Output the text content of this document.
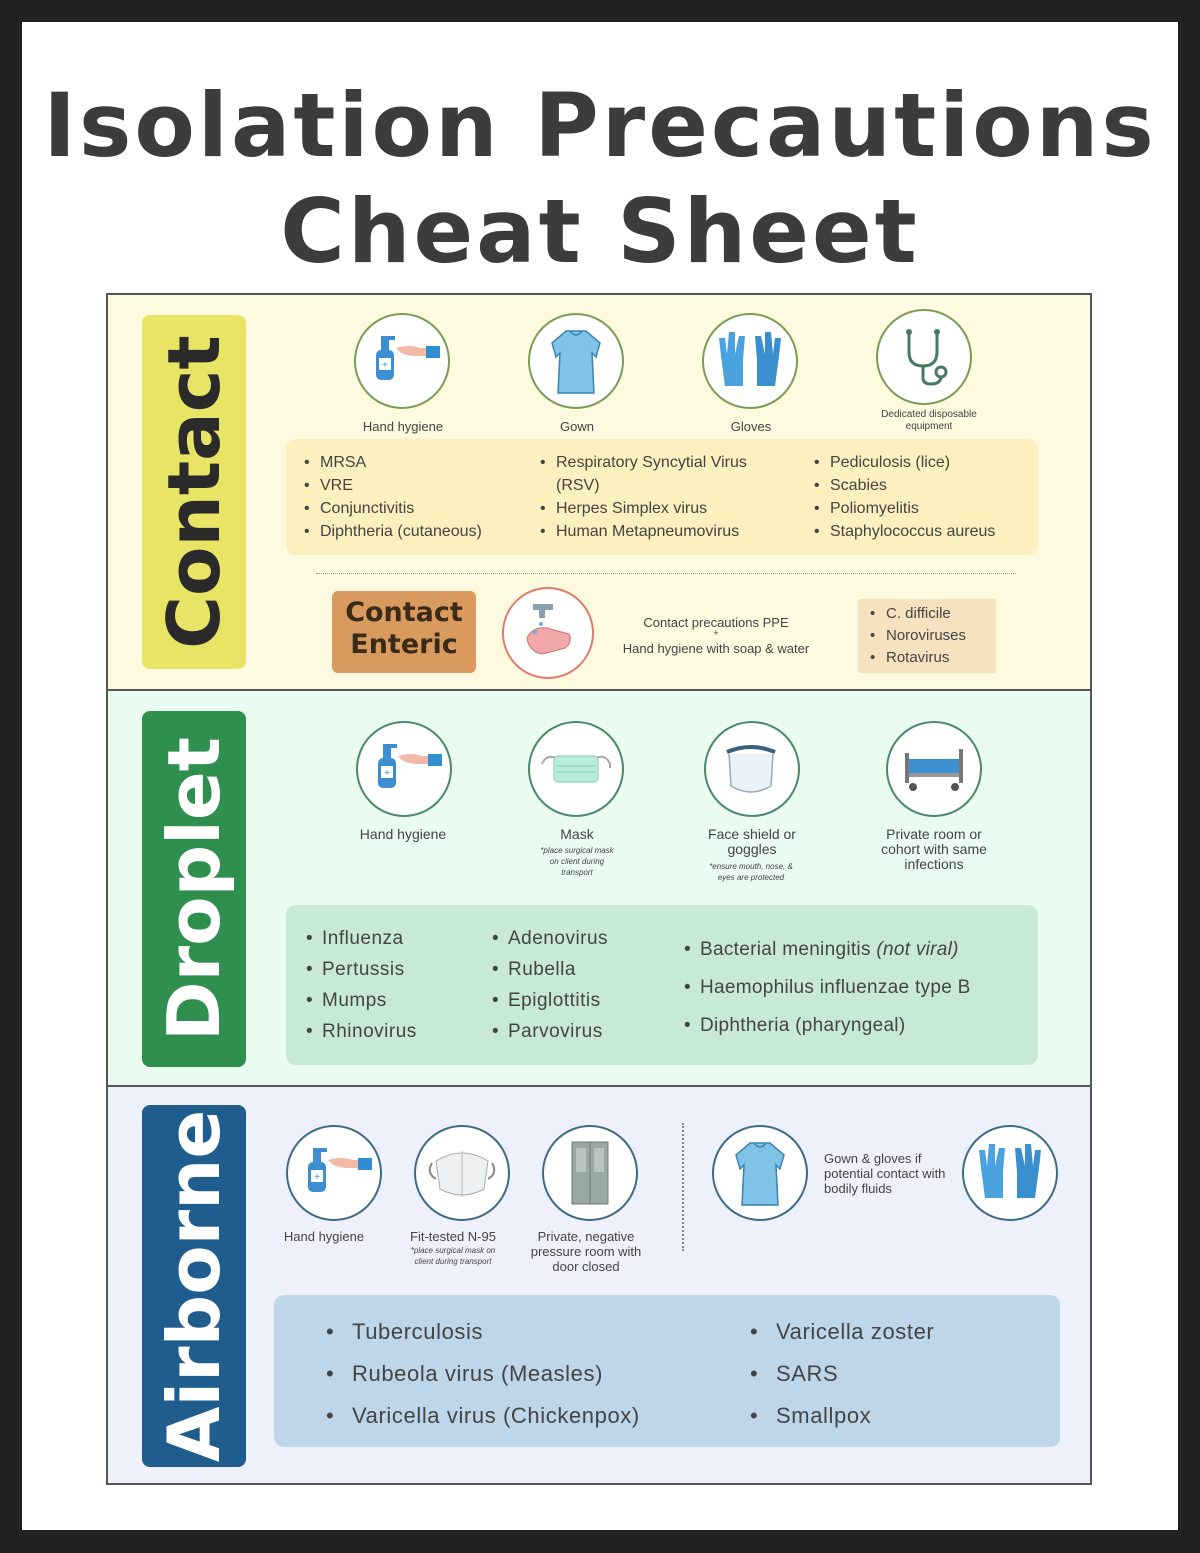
Isolation Precautions
Cheat Sheet
Contact	+
Hand hygiene	Gown	Gloves
Dedicated disposable equipment
• MRSA
• VRE
• Conjunctivitis
• Diphtheria (cutaneous)
• Respiratory Syncytial Virus (RSV)
• Herpes Simplex virus
• Human Metapneumovirus
• Pediculosis (lice)
• Scabies
• Poliomyelitis
• Staphylococcus aureus
Contact
Enteric
Contact precautions PPE
+
Hand hygiene with soap & water
• C. difficile
• Noroviruses
• Rotavirus
Droplet	+
Hand hygiene	Mask
*place surgical mask on client during transport
Face shield or goggles
*ensure mouth, nose, & eyes are protected
Private room or cohort with same infections
• Influenza
• Pertussis
• Mumps
• Rhinovirus
• Adenovirus
• Rubella
• Epiglottitis
• Parvovirus
• Bacterial meningitis (not viral)
• Haemophilus influenzae type B
• Diphtheria (pharyngeal)
Airborne	+
Gown & gloves if potential contact with bodily fluids
Hand hygiene	Fit-tested N-95
*place surgical mask on client during transport
Private, negative pressure room with door closed
• Tuberculosis
• Rubeola virus (Measles)
• Varicella virus (Chickenpox)
• Varicella zoster
• SARS
• Smallpox
